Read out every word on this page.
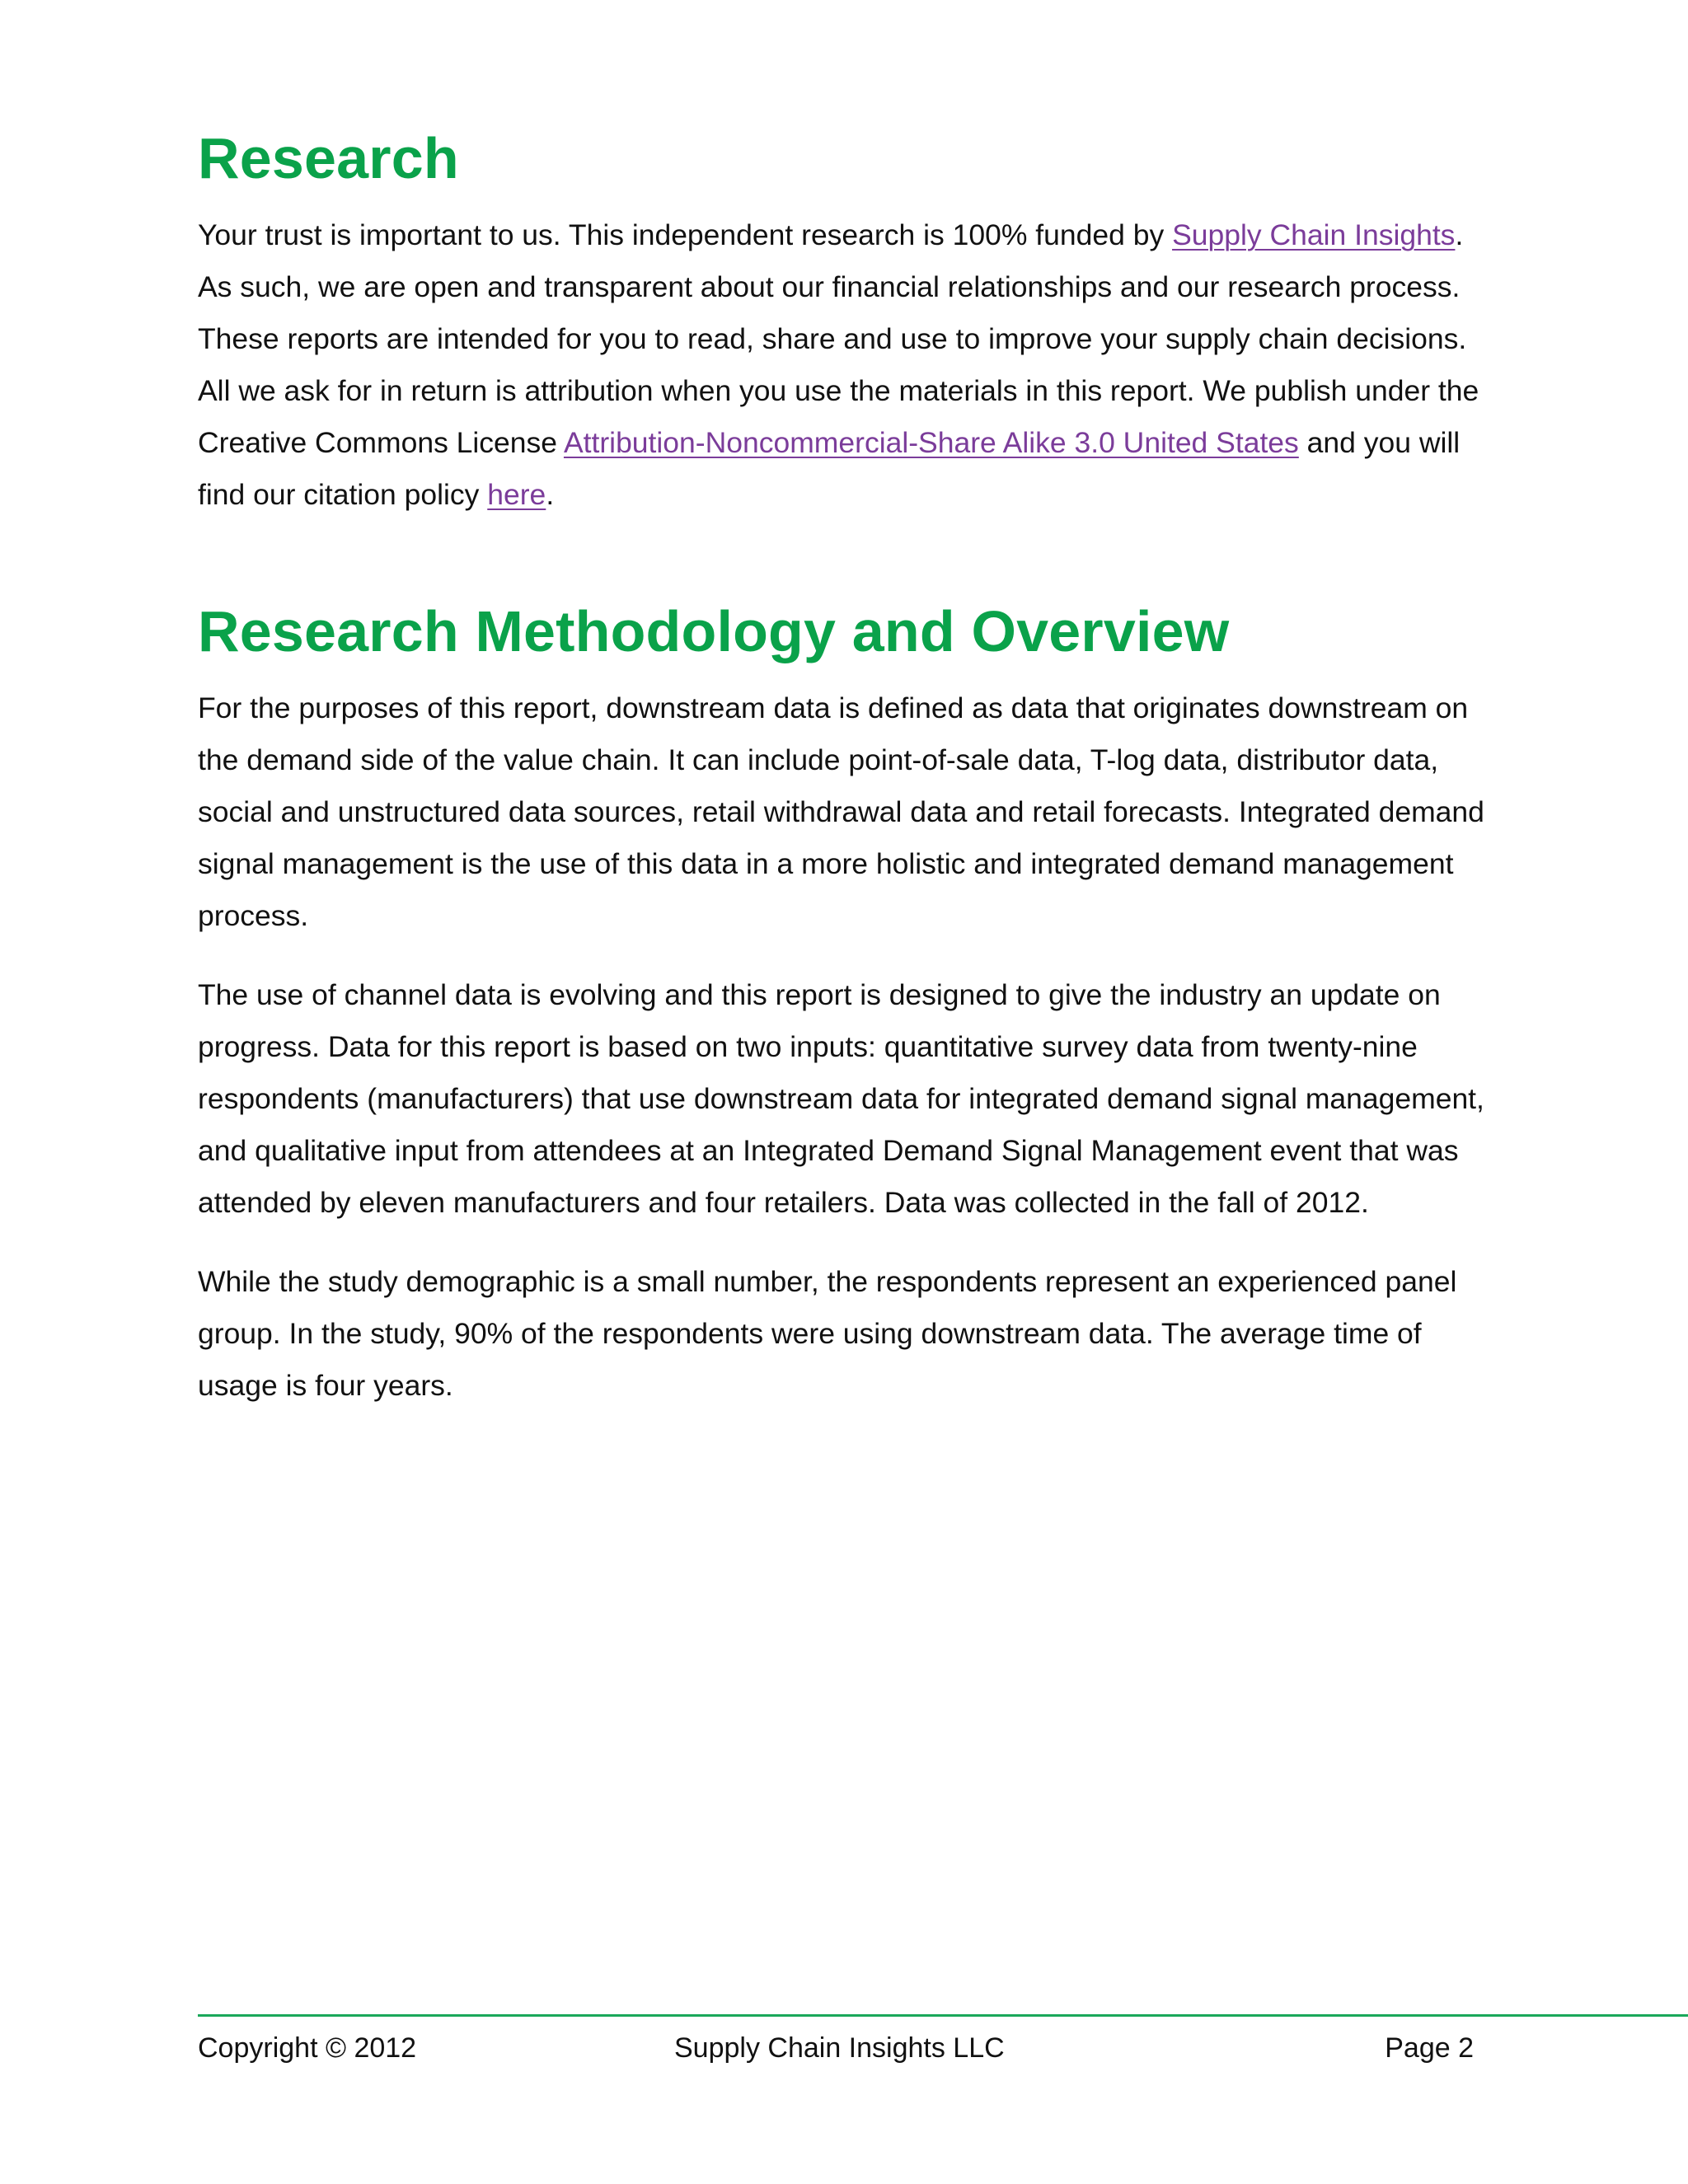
Research

Your trust is important to us. This independent research is 100% funded by Supply Chain Insights. As such, we are open and transparent about our financial relationships and our research process. These reports are intended for you to read, share and use to improve your supply chain decisions. All we ask for in return is attribution when you use the materials in this report. We publish under the Creative Commons License Attribution-Noncommercial-Share Alike 3.0 United States and you will find our citation policy here.

Research Methodology and Overview

For the purposes of this report, downstream data is defined as data that originates downstream on the demand side of the value chain. It can include point-of-sale data, T-log data, distributor data, social and unstructured data sources, retail withdrawal data and retail forecasts. Integrated demand signal management is the use of this data in a more holistic and integrated demand management process.

The use of channel data is evolving and this report is designed to give the industry an update on progress. Data for this report is based on two inputs: quantitative survey data from twenty-nine respondents (manufacturers) that use downstream data for integrated demand signal management, and qualitative input from attendees at an Integrated Demand Signal Management event that was attended by eleven manufacturers and four retailers. Data was collected in the fall of 2012.

While the study demographic is a small number, the respondents represent an experienced panel group. In the study, 90% of the respondents were using downstream data. The average time of usage is four years.

Copyright © 2012	Supply Chain Insights LLC	Page 2
